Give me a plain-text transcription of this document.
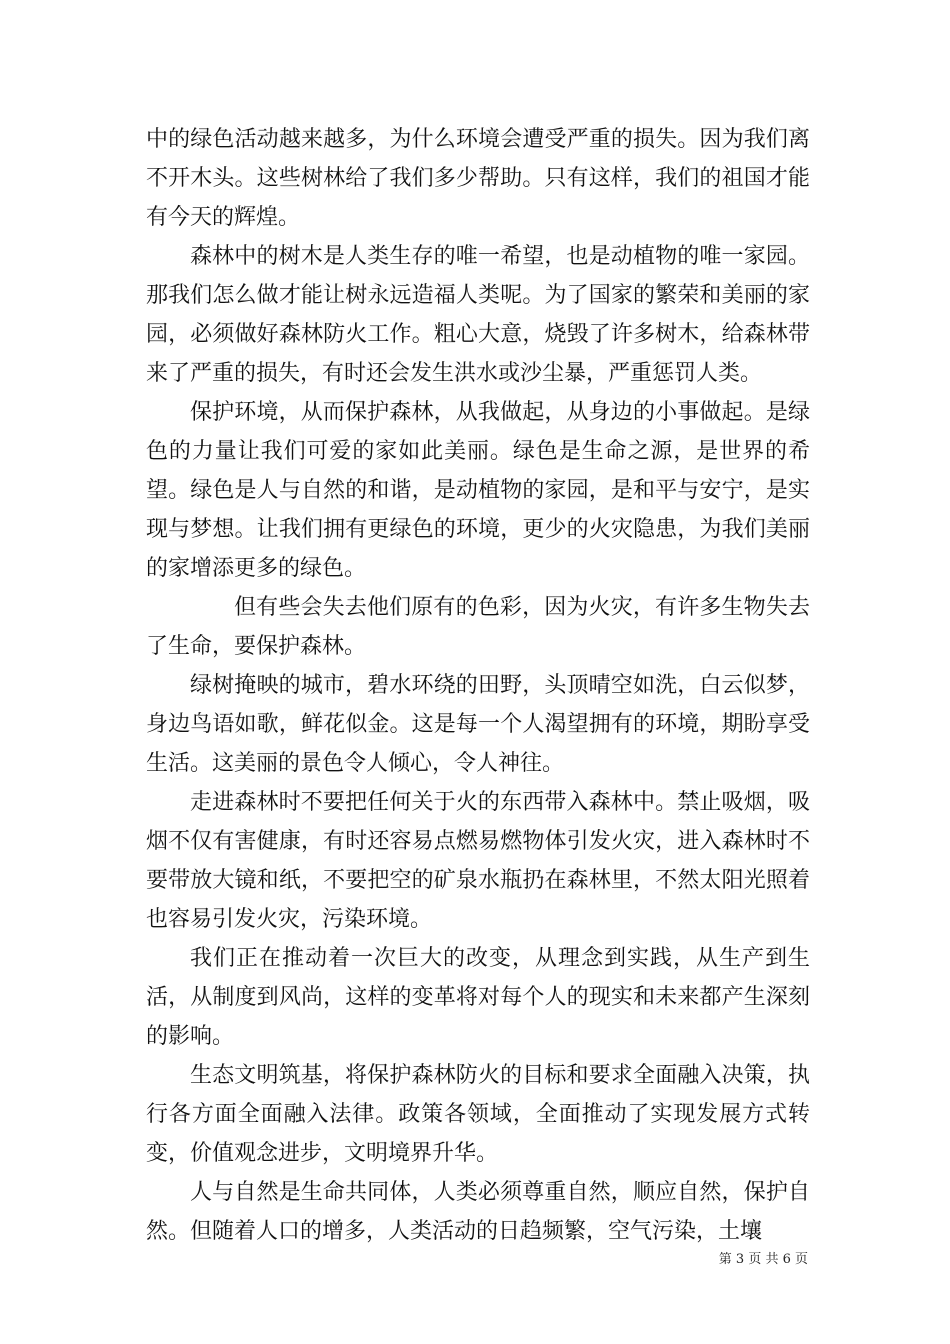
中的绿色活动越来越多，为什么环境会遭受严重的损失。因为我们离不开木头。这些树林给了我们多少帮助。只有这样，我们的祖国才能有今天的辉煌。

森林中的树木是人类生存的唯一希望，也是动植物的唯一家园。那我们怎么做才能让树永远造福人类呢。为了国家的繁荣和美丽的家园，必须做好森林防火工作。粗心大意，烧毁了许多树木，给森林带来了严重的损失，有时还会发生洪水或沙尘暴，严重惩罚人类。

保护环境，从而保护森林，从我做起，从身边的小事做起。是绿色的力量让我们可爱的家如此美丽。绿色是生命之源，是世界的希望。绿色是人与自然的和谐，是动植物的家园，是和平与安宁，是实现与梦想。让我们拥有更绿色的环境，更少的火灾隐患，为我们美丽的家增添更多的绿色。

但有些会失去他们原有的色彩，因为火灾，有许多生物失去了生命，要保护森林。

绿树掩映的城市，碧水环绕的田野，头顶晴空如洗，白云似梦，身边鸟语如歌，鲜花似金。这是每一个人渴望拥有的环境，期盼享受生活。这美丽的景色令人倾心，令人神往。

走进森林时不要把任何关于火的东西带入森林中。禁止吸烟，吸烟不仅有害健康，有时还容易点燃易燃物体引发火灾，进入森林时不要带放大镜和纸，不要把空的矿泉水瓶扔在森林里，不然太阳光照着也容易引发火灾，污染环境。

我们正在推动着一次巨大的改变，从理念到实践，从生产到生活，从制度到风尚，这样的变革将对每个人的现实和未来都产生深刻的影响。

生态文明筑基，将保护森林防火的目标和要求全面融入决策，执行各方面全面融入法律。政策各领域，全面推动了实现发展方式转变，价值观念进步，文明境界升华。

人与自然是生命共同体，人类必须尊重自然，顺应自然，保护自然。但随着人口的增多，人类活动的日趋频繁，空气污染，土壤

第 3 页 共 6 页
